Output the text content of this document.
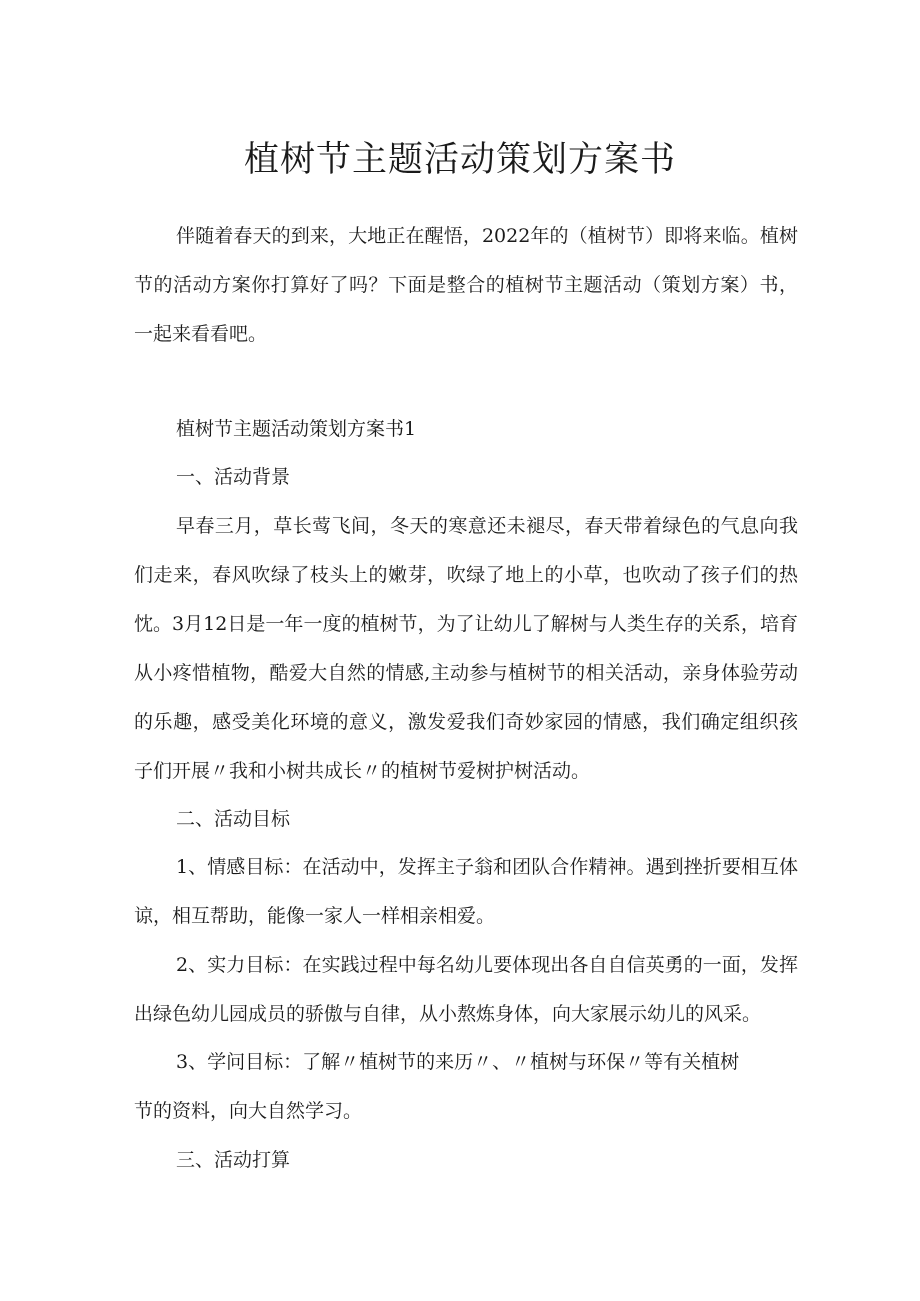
植树节主题活动策划方案书

伴随着春天的到来，大地正在醒悟，2022年的（植树节）即将来临。植树节的活动方案你打算好了吗？下面是整合的植树节主题活动（策划方案）书，一起来看看吧。

植树节主题活动策划方案书1

一、活动背景

早春三月，草长莺飞间，冬天的寒意还未褪尽，春天带着绿色的气息向我们走来，春风吹绿了枝头上的嫩芽，吹绿了地上的小草，也吹动了孩子们的热忱。3月12日是一年一度的植树节，为了让幼儿了解树与人类生存的关系，培育从小疼惜植物，酷爱大自然的情感,主动参与植树节的相关活动，亲身体验劳动的乐趣，感受美化环境的意义，激发爱我们奇妙家园的情感，我们确定组织孩子们开展〃我和小树共成长〃的植树节爱树护树活动。

二、活动目标

1、情感目标：在活动中，发挥主子翁和团队合作精神。遇到挫折要相互体谅，相互帮助，能像一家人一样相亲相爱。

2、实力目标：在实践过程中每名幼儿要体现出各自自信英勇的一面，发挥出绿色幼儿园成员的骄傲与自律，从小熬炼身体，向大家展示幼儿的风采。

3、学问目标：了解〃植树节的来历〃、〃植树与环保〃等有关植树

节的资料，向大自然学习。

三、活动打算
